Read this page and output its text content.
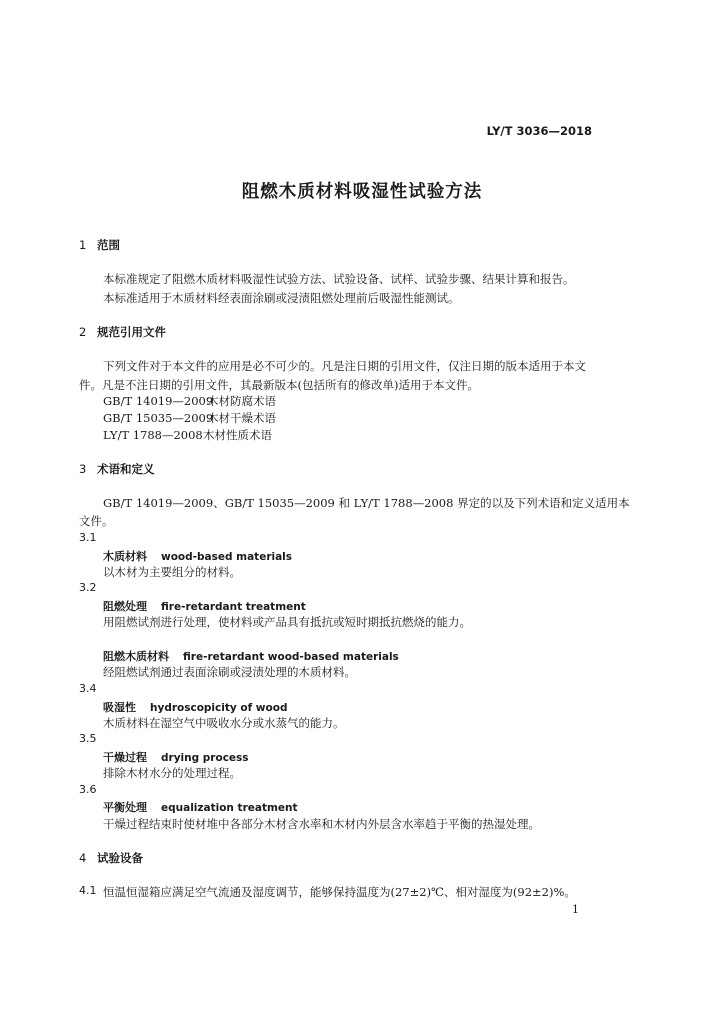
LY/T 3036—2018
阻燃木质材料吸湿性试验方法
1 范围
本标准规定了阻燃木质材料吸湿性试验方法、试验设备、试样、试验步骤、结果计算和报告。
本标准适用于木质材料经表面涂刷或浸渍阻燃处理前后吸湿性能测试。
2 规范引用文件
下列文件对于本文件的应用是必不可少的。凡是注日期的引用文件，仅注日期的版本适用于本文
件。凡是不注日期的引用文件，其最新版本(包括所有的修改单)适用于本文件。
GB/T 14019—2009木材防腐术语
GB/T 15035—2009木材干燥术语
LY/T 1788—2008木材性质术语
3 术语和定义
GB/T 14019—2009、GB/T 15035—2009 和 LY/T 1788—2008 界定的以及下列术语和定义适用本
文件。
3.1
木质材料 wood-based materials
以木材为主要组分的材料。
3.2
阻燃处理 fire-retardant treatment
用阻燃试剂进行处理，使材料或产品具有抵抗或短时期抵抗燃烧的能力。
阻燃木质材料 fire-retardant wood-based materials
经阻燃试剂通过表面涂刷或浸渍处理的木质材料。
3.4
吸湿性 hydroscopicity of wood
木质材料在湿空气中吸收水分或水蒸气的能力。
3.5
干燥过程 drying process
排除木材水分的处理过程。
3.6
平衡处理 equalization treatment
干燥过程结束时使材堆中各部分木材含水率和木材内外层含水率趋于平衡的热湿处理。
4 试验设备
4.1 恒温恒湿箱应满足空气流通及湿度调节，能够保持温度为(27±2)℃、相对湿度为(92±2)%。
1
